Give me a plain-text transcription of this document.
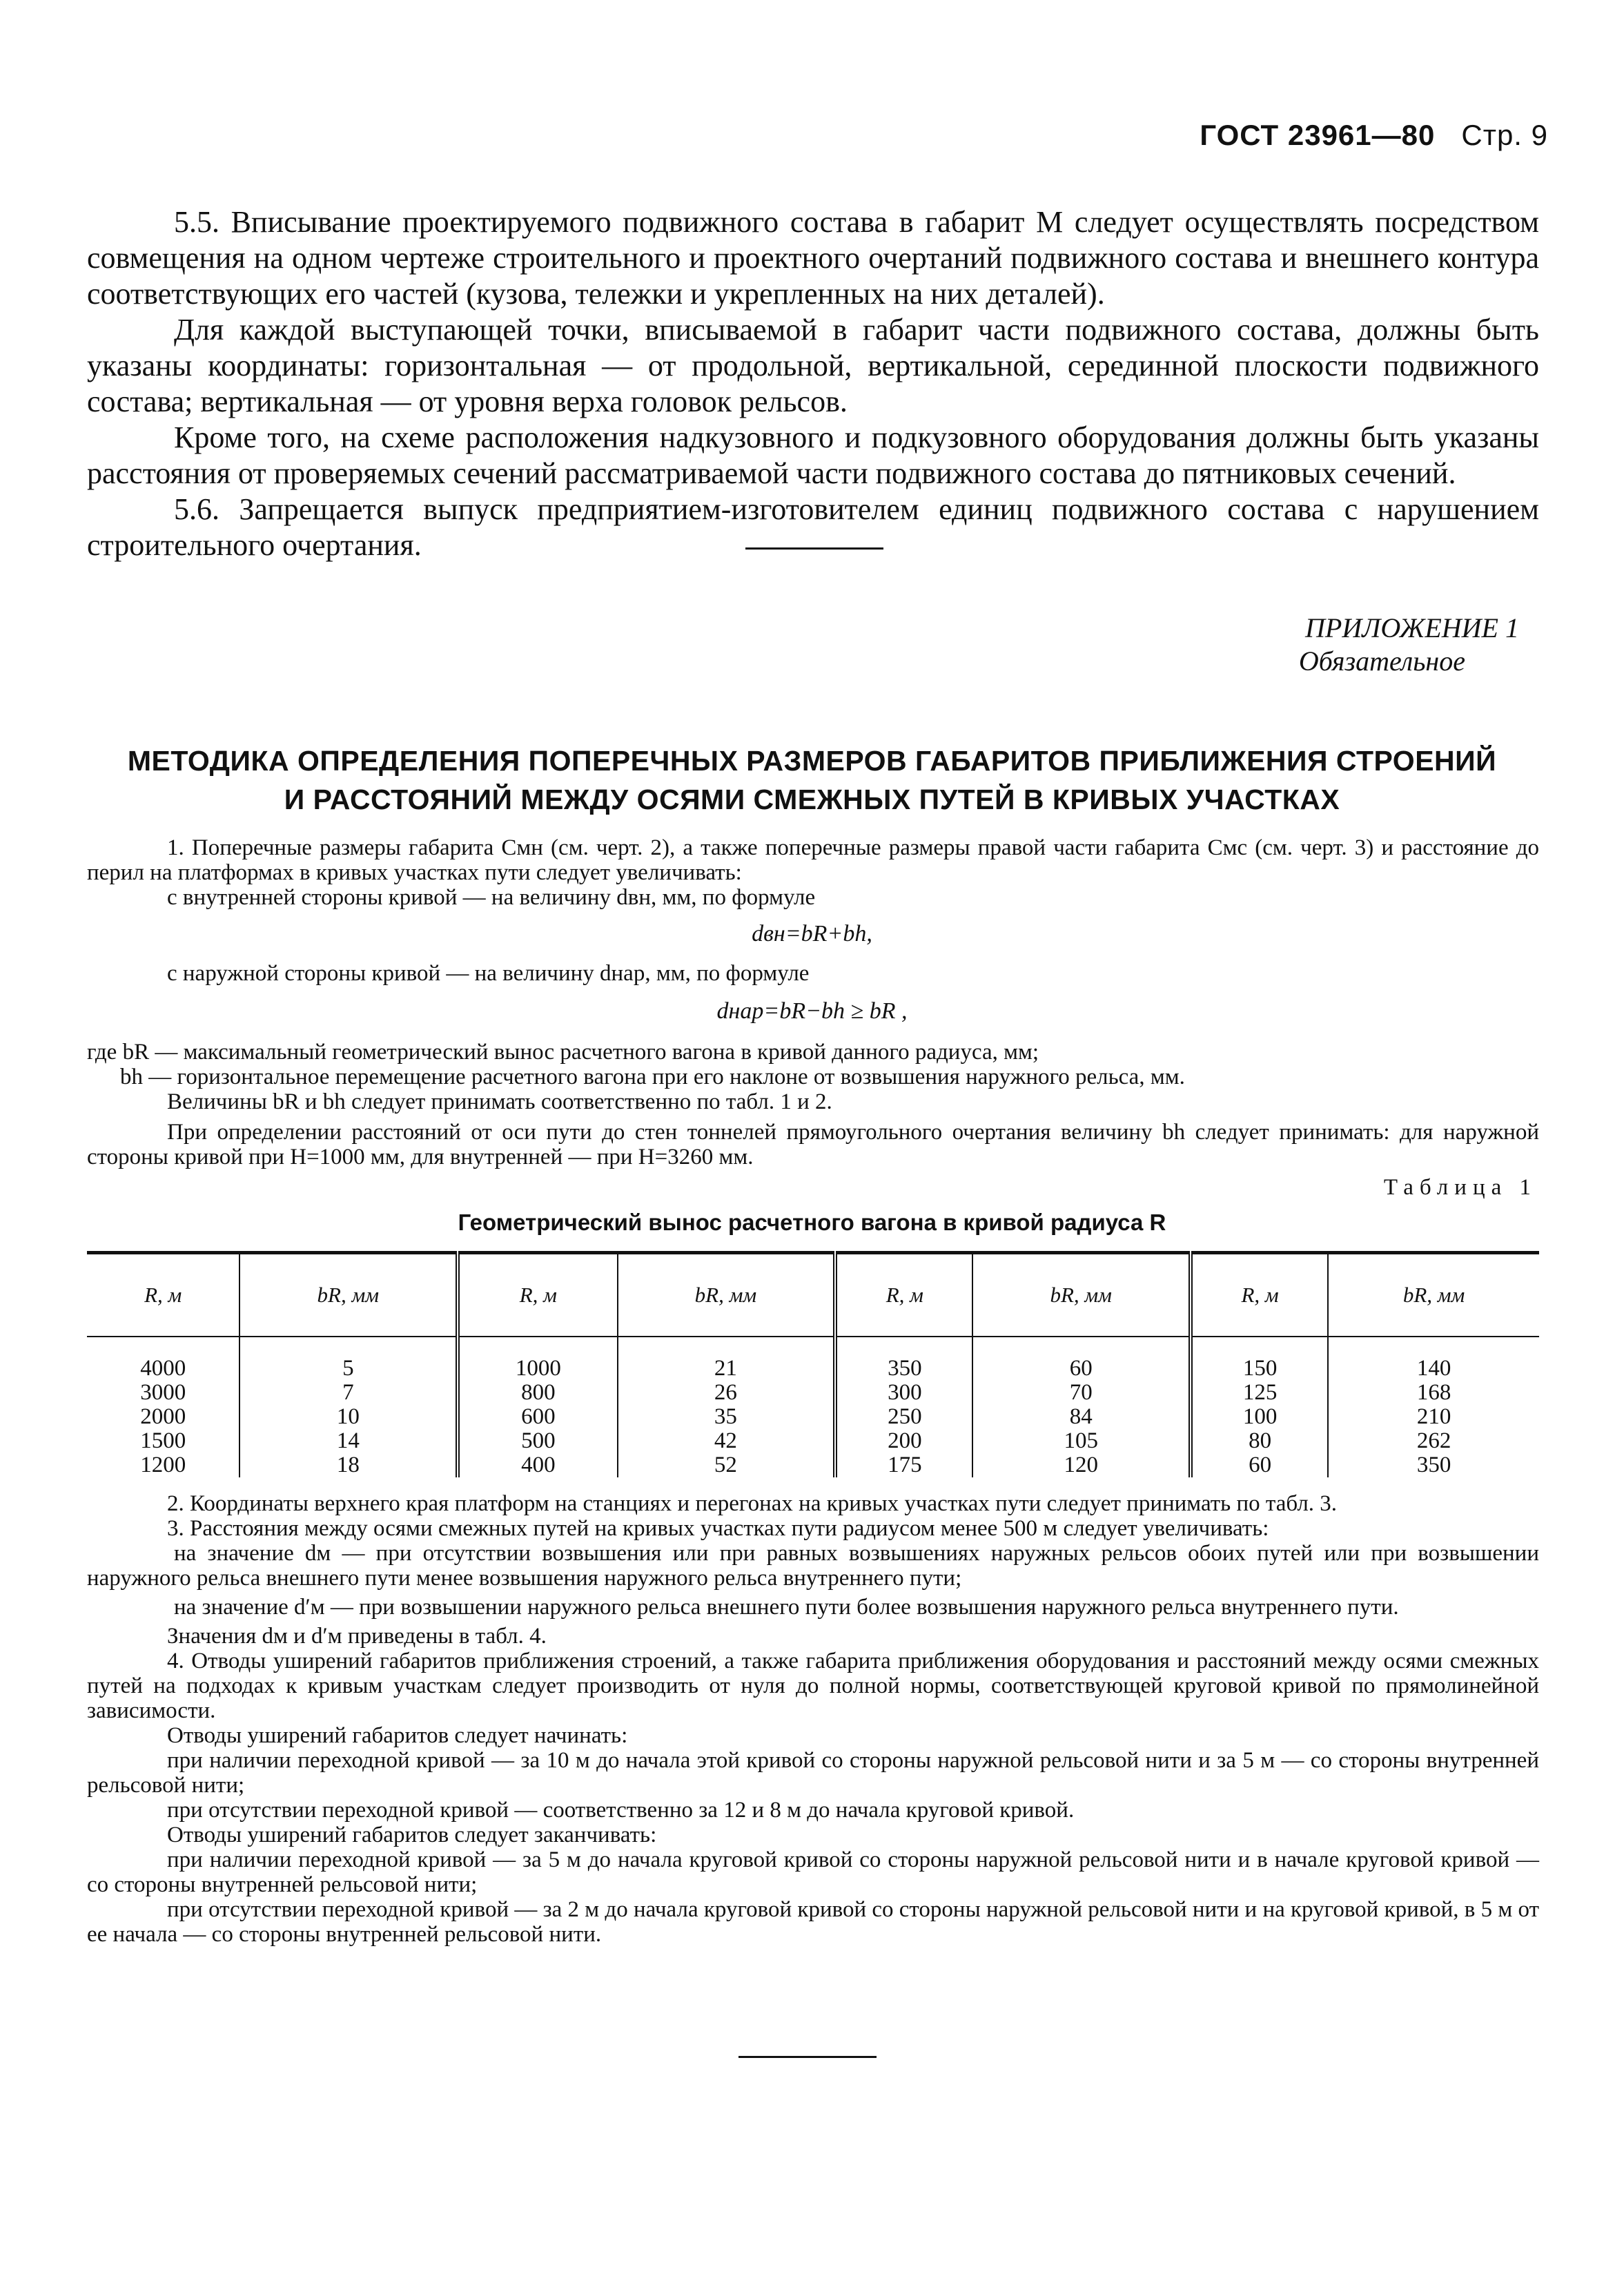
ГОСТ 23961—80 Стр. 9

5.5. Вписывание проектируемого подвижного состава в габарит М следует осуществлять посредством совмещения на одном чертеже строительного и проектного очертаний подвижного состава и внешнего контура соответствующих его частей (кузова, тележки и укрепленных на них деталей).

Для каждой выступающей точки, вписываемой в габарит части подвижного состава, должны быть указаны координаты: горизонтальная — от продольной, вертикальной, серединной плоскости подвижного состава; вертикальная — от уровня верха головок рельсов.

Кроме того, на схеме расположения надкузовного и подкузовного оборудования должны быть указаны расстояния от проверяемых сечений рассматриваемой части подвижного состава до пятниковых сечений.

5.6. Запрещается выпуск предприятием-изготовителем единиц подвижного состава с нарушением строительного очертания.

ПРИЛОЖЕНИЕ 1
Обязательное
МЕТОДИКА ОПРЕДЕЛЕНИЯ ПОПЕРЕЧНЫХ РАЗМЕРОВ ГАБАРИТОВ ПРИБЛИЖЕНИЯ СТРОЕНИЙ
И РАССТОЯНИЙ МЕЖДУ ОСЯМИ СМЕЖНЫХ ПУТЕЙ В КРИВЫХ УЧАСТКАХ

1. Поперечные размеры габарита Cмн (см. черт. 2), а также поперечные размеры правой части габарита Cмс (см. черт. 3) и расстояние до перил на платформах в кривых участках пути следует увеличивать:

с внутренней стороны кривой — на величину dвн, мм, по формуле

dвн=bR+bh,

с наружной стороны кривой — на величину dнар, мм, по формуле

dнар=bR−bh ≥ bR ,

где bR — максимальный геометрический вынос расчетного вагона в кривой данного радиуса, мм;

bh — горизонтальное перемещение расчетного вагона при его наклоне от возвышения наружного рельса, мм.

Величины bR и bh следует принимать соответственно по табл. 1 и 2.

При определении расстояний от оси пути до стен тоннелей прямоугольного очертания величину bh следует принимать: для наружной стороны кривой при H=1000 мм, для внутренней — при H=3260 мм.

Таблица 1
Геометрический вынос расчетного вагона в кривой радиуса R
R, м	bR, мм	R, м	bR, мм	R, м	bR, мм	R, м	bR, мм
4000	5	1000	21	350	60	150	140
3000	7	800	26	300	70	125	168
2000	10	600	35	250	84	100	210
1500	14	500	42	200	105	80	262
1200	18	400	52	175	120	60	350

2. Координаты верхнего края платформ на станциях и перегонах на кривых участках пути следует принимать по табл. 3.

3. Расстояния между осями смежных путей на кривых участках пути радиусом менее 500 м следует увеличивать:

на значение dм — при отсутствии возвышения или при равных возвышениях наружных рельсов обоих путей или при возвышении наружного рельса внешнего пути менее возвышения наружного рельса внутреннего пути;

на значение d′м — при возвышении наружного рельса внешнего пути более возвышения наружного рельса внутреннего пути.

Значения dм и d′м приведены в табл. 4.

4. Отводы уширений габаритов приближения строений, а также габарита приближения оборудования и расстояний между осями смежных путей на подходах к кривым участкам следует производить от нуля до полной нормы, соответствующей круговой кривой по прямолинейной зависимости.

Отводы уширений габаритов следует начинать:

при наличии переходной кривой — за 10 м до начала этой кривой со стороны наружной рельсовой нити и за 5 м — со стороны внутренней рельсовой нити;

при отсутствии переходной кривой — соответственно за 12 и 8 м до начала круговой кривой.

Отводы уширений габаритов следует заканчивать:

при наличии переходной кривой — за 5 м до начала круговой кривой со стороны наружной рельсовой нити и в начале круговой кривой — со стороны внутренней рельсовой нити;

при отсутствии переходной кривой — за 2 м до начала круговой кривой со стороны наружной рельсовой нити и на круговой кривой, в 5 м от ее начала — со стороны внутренней рельсовой нити.
